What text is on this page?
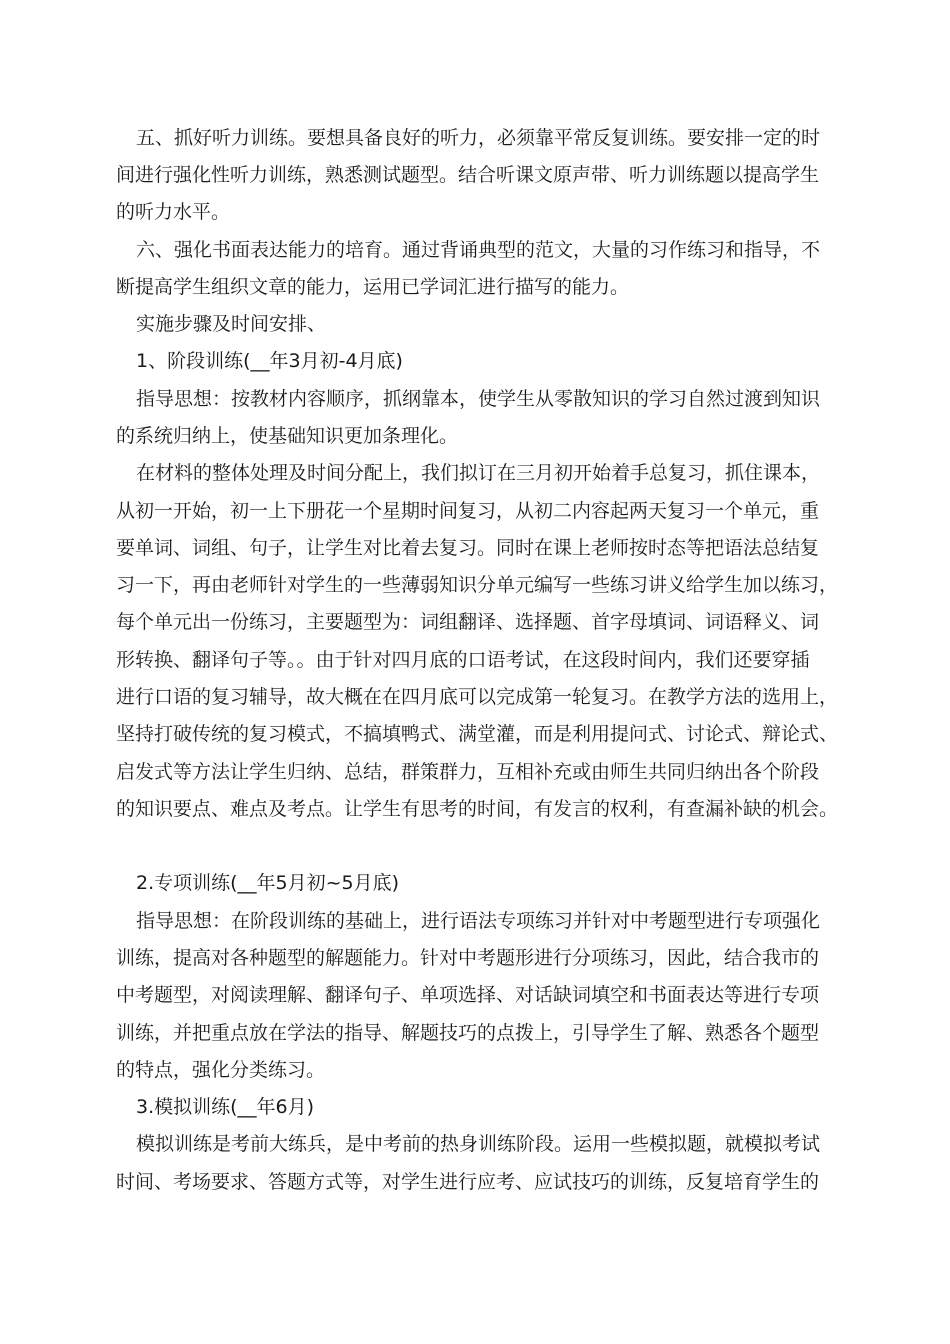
五、抓好听力训练。要想具备良好的听力，必须靠平常反复训练。要安排一定的时
间进行强化性听力训练，熟悉测试题型。结合听课文原声带、听力训练题以提高学生
的听力水平。
六、强化书面表达能力的培育。通过背诵典型的范文，大量的习作练习和指导，不
断提高学生组织文章的能力，运用已学词汇进行描写的能力。
实施步骤及时间安排、
1、阶段训练(__年3月初-4月底)
指导思想：按教材内容顺序，抓纲靠本，使学生从零散知识的学习自然过渡到知识
的系统归纳上，使基础知识更加条理化。
在材料的整体处理及时间分配上，我们拟订在三月初开始着手总复习，抓住课本，
从初一开始，初一上下册花一个星期时间复习，从初二内容起两天复习一个单元，重
要单词、词组、句子，让学生对比着去复习。同时在课上老师按时态等把语法总结复
习一下，再由老师针对学生的一些薄弱知识分单元编写一些练习讲义给学生加以练习，
每个单元出一份练习，主要题型为：词组翻译、选择题、首字母填词、词语释义、词
形转换、翻译句子等。。由于针对四月底的口语考试，在这段时间内，我们还要穿插
进行口语的复习辅导，故大概在在四月底可以完成第一轮复习。在教学方法的选用上，
坚持打破传统的复习模式，不搞填鸭式、满堂灌，而是利用提问式、讨论式、辩论式、
启发式等方法让学生归纳、总结，群策群力，互相补充或由师生共同归纳出各个阶段
的知识要点、难点及考点。让学生有思考的时间，有发言的权利，有查漏补缺的机会。
2.专项训练(__年5月初~5月底)
指导思想：在阶段训练的基础上，进行语法专项练习并针对中考题型进行专项强化
训练，提高对各种题型的解题能力。针对中考题形进行分项练习，因此，结合我市的
中考题型，对阅读理解、翻译句子、单项选择、对话缺词填空和书面表达等进行专项
训练，并把重点放在学法的指导、解题技巧的点拨上，引导学生了解、熟悉各个题型
的特点，强化分类练习。
3.模拟训练(__年6月)
模拟训练是考前大练兵，是中考前的热身训练阶段。运用一些模拟题，就模拟考试
时间、考场要求、答题方式等，对学生进行应考、应试技巧的训练，反复培育学生的
